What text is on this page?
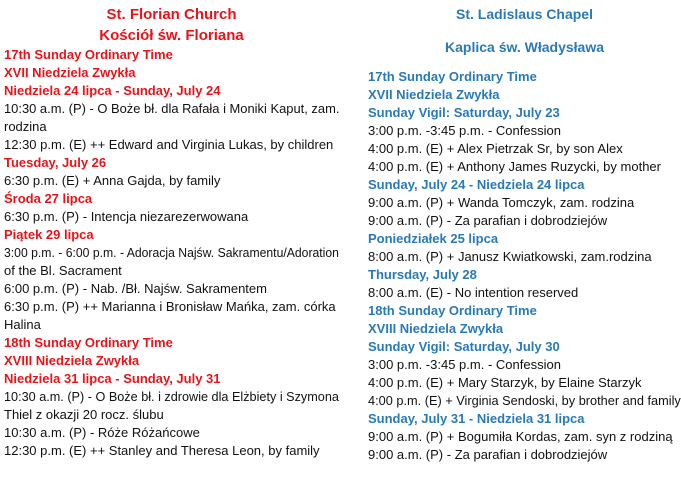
St. Florian Church
Kościół św. Floriana
17th Sunday Ordinary Time
XVII Niedziela Zwykła
Niedziela 24 lipca - Sunday, July 24
10:30 a.m. (P) - O Boże bł. dla Rafała i Moniki Kaput, zam.
rodzina
12:30 p.m. (E) ++ Edward and Virginia Lukas, by children
Tuesday, July 26
6:30 p.m. (E) + Anna Gajda, by family
Środa 27 lipca
6:30 p.m. (P) - Intencja niezarezerwowana
Piątek 29 lipca
3:00 p.m. - 6:00 p.m. - Adoracja Najśw. Sakramentu/Adoration
of the Bl. Sacrament
6:00 p.m. (P) - Nab. /Bł. Najśw. Sakramentem
6:30 p.m. (P) ++ Marianna i Bronisław Mańka, zam. córka
Halina
18th Sunday Ordinary Time
XVIII Niedziela Zwykła
Niedziela 31 lipca - Sunday, July 31
10:30 a.m. (P) - O Boże bł. i zdrowie dla Elżbiety i Szymona
Thiel z okazji 20 rocz. ślubu
10:30 a.m. (P) - Róże Różańcowe
12:30 p.m. (E) ++ Stanley and Theresa Leon, by family
St. Ladislaus Chapel
Kaplica św. Władysława
17th Sunday Ordinary Time
XVII Niedziela Zwykła
Sunday Vigil: Saturday, July 23
3:00 p.m. -3:45 p.m. - Confession
4:00 p.m. (E) + Alex Pietrzak Sr, by son Alex
4:00 p.m. (E) + Anthony James Ruzycki, by mother
Sunday, July 24 - Niedziela 24 lipca
9:00 a.m. (P) + Wanda Tomczyk, zam. rodzina
9:00 a.m. (P) - Za parafian i dobrodziejów
Poniedziałek 25 lipca
8:00 a.m. (P) + Janusz Kwiatkowski, zam.rodzina
Thursday, July 28
8:00 a.m. (E) - No intention reserved
18th Sunday Ordinary Time
XVIII Niedziela Zwykła
Sunday Vigil: Saturday, July 30
3:00 p.m. -3:45 p.m. - Confession
4:00 p.m. (E) + Mary Starzyk, by Elaine Starzyk
4:00 p.m. (E) + Virginia Sendoski, by brother and family
Sunday, July 31 - Niedziela 31 lipca
9:00 a.m. (P) + Bogumiła Kordas, zam. syn z rodziną
9:00 a.m. (P) - Za parafian i dobrodziejów
